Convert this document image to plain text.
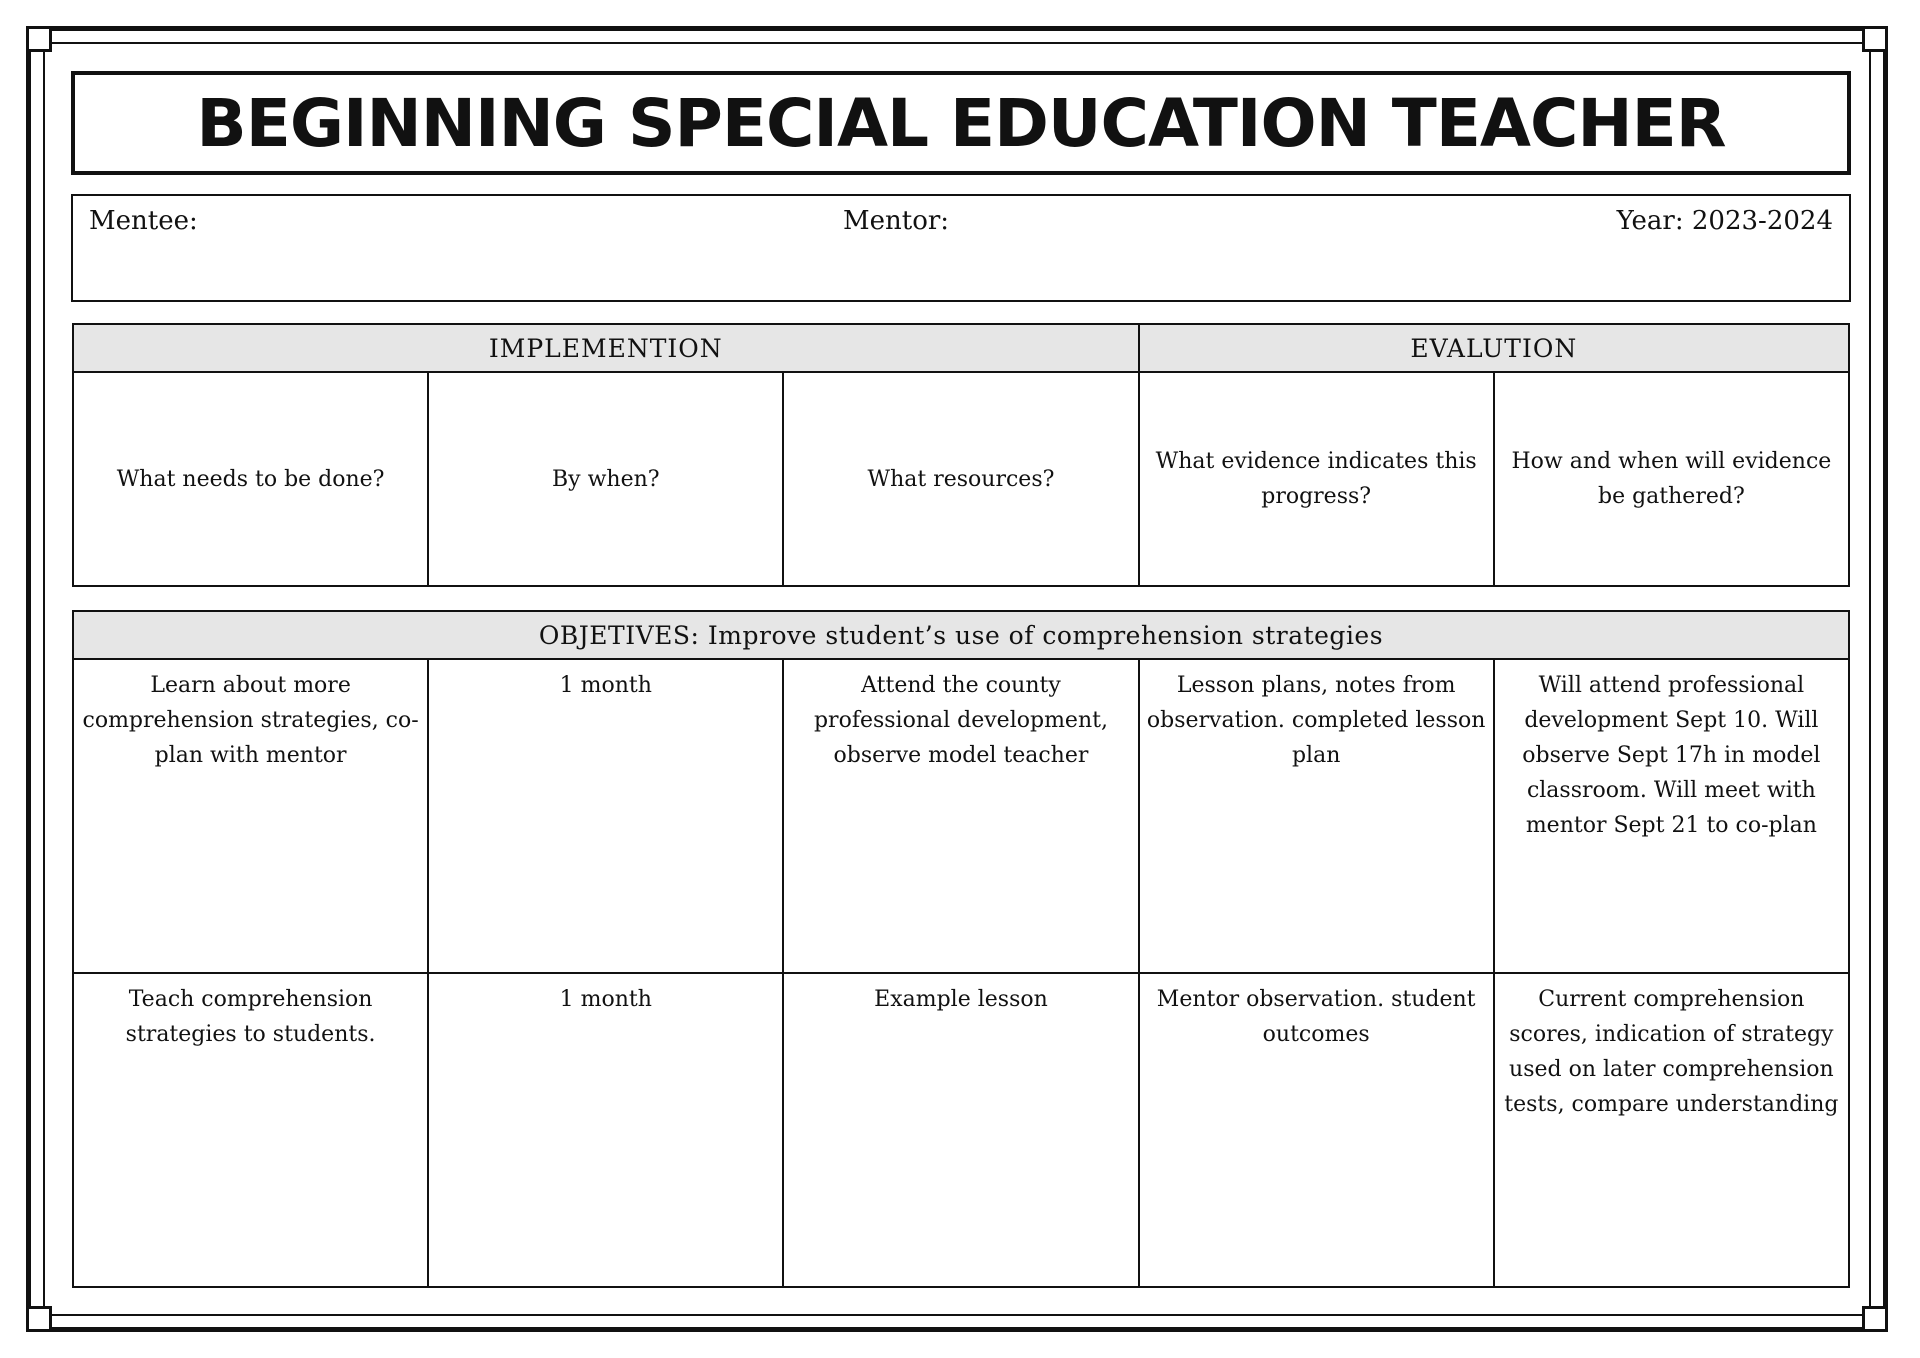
BEGINNING SPECIAL EDUCATION TEACHER
Mentee:	Mentor:	Year: 2023-2024
IMPLEMENTION			EVALUTION	
What needs to be done?	By when?	What resources?	What evidence indicates this progress?	How and when will evidence be gathered?
OBJETIVES: Improve student’s use of comprehension strategies				
Learn about more comprehension strategies, co-plan with mentor	1 month	Attend the county professional development, observe model teacher	Lesson plans, notes from observation. completed lesson plan	Will attend professional development Sept 10. Will observe Sept 17h in model classroom. Will meet with mentor Sept 21 to co-plan
Teach comprehension strategies to students.	1 month	Example lesson	Mentor observation. student outcomes	Current comprehension scores, indication of strategy used on later comprehension tests, compare understanding
